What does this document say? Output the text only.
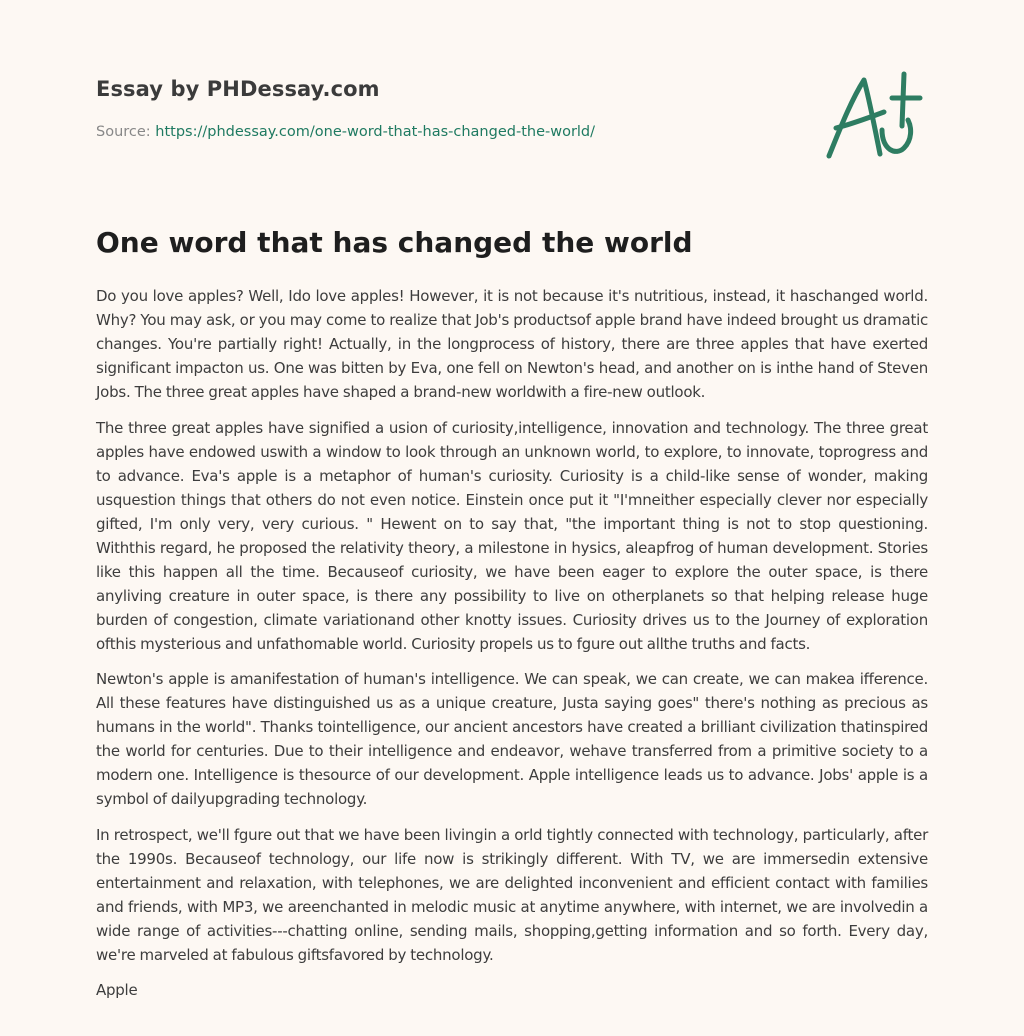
Essay by PHDessay.com
Source: https://phdessay.com/one-word-that-has-changed-the-world/
One word that has changed the world

Do you love apples? Well, Ido love apples! However, it is not because it's nutritious, instead, it haschanged world. Why? You may ask, or you may come to realize that Job's productsof apple brand have indeed brought us dramatic changes. You're partially right! Actually, in the longprocess of history, there are three apples that have exerted significant impacton us. One was bitten by Eva, one fell on Newton's head, and another on is inthe hand of Steven Jobs. The three great apples have shaped a brand-new worldwith a fire-new outlook.

The three great apples have signified a usion of curiosity,intelligence, innovation and technology. The three great apples have endowed uswith a window to look through an unknown world, to explore, to innovate, toprogress and to advance. Eva's apple is a metaphor of human's curiosity. Curiosity is a child-like sense of wonder, making usquestion things that others do not even notice. Einstein once put it "I'mneither especially clever nor especially gifted, I'm only very, very curious. " Hewent on to say that, "the important thing is not to stop questioning. Withthis regard, he proposed the relativity theory, a milestone in hysics, aleapfrog of human development. Stories like this happen all the time. Becauseof curiosity, we have been eager to explore the outer space, is there anyliving creature in outer space, is there any possibility to live on otherplanets so that helping release huge burden of congestion, climate variationand other knotty issues. Curiosity drives us to the Journey of exploration ofthis mysterious and unfathomable world. Curiosity propels us to fgure out allthe truths and facts.

Newton's apple is amanifestation of human's intelligence. We can speak, we can create, we can makea ifference. All these features have distinguished us as a unique creature, Justa saying goes" there's nothing as precious as humans in the world". Thanks tointelligence, our ancient ancestors have created a brilliant civilization thatinspired the world for centuries. Due to their intelligence and endeavor, wehave transferred from a primitive society to a modern one. Intelligence is thesource of our development. Apple intelligence leads us to advance. Jobs' apple is a symbol of dailyupgrading technology.

In retrospect, we'll fgure out that we have been livingin a orld tightly connected with technology, particularly, after the 1990s. Becauseof technology, our life now is strikingly different. With TV, we are immersedin extensive entertainment and relaxation, with telephones, we are delighted inconvenient and efficient contact with families and friends, with MP3, we areenchanted in melodic music at anytime anywhere, with internet, we are involvedin a wide range of activities---chatting online, sending mails, shopping,getting information and so forth. Every day, we're marveled at fabulous giftsfavored by technology.

Apple
